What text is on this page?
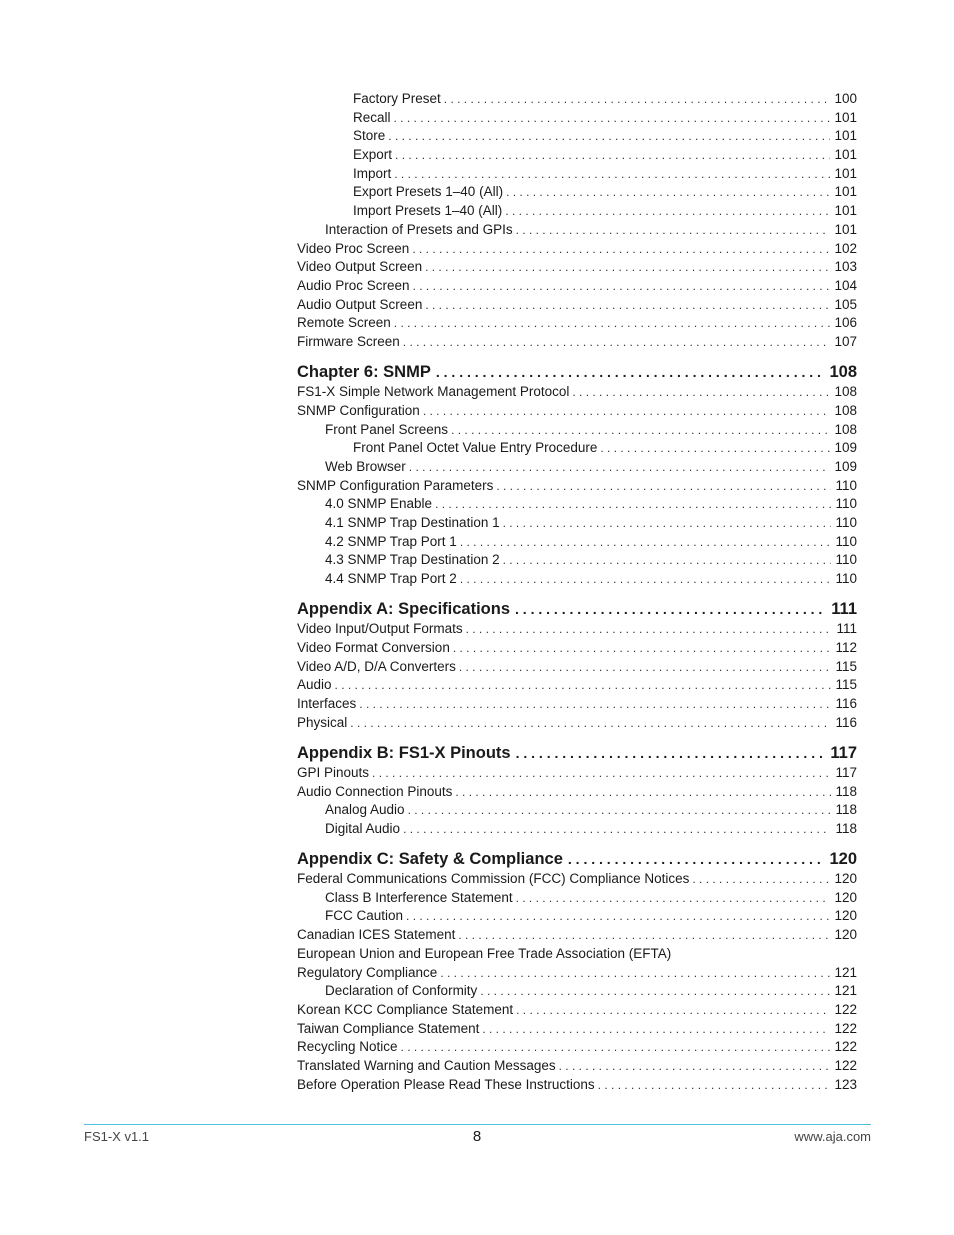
Factory Preset . . .	100
Recall . . .	101
Store . . .	101
Export . . .	101
Import . . .	101
Export Presets 1–40 (All) . . .	101
Import Presets 1–40 (All) . . .	101
Interaction of Presets and GPIs . . .	101
Video Proc Screen . . .	102
Video Output Screen . . .	103
Audio Proc Screen . . .	104
Audio Output Screen . . .	105
Remote Screen . . .	106
Firmware Screen . . .	107
Chapter 6: SNMP . . .	108
FS1-X Simple Network Management Protocol . . .	108
SNMP Configuration . . .	108
Front Panel Screens . . .	108
Front Panel Octet Value Entry Procedure . . .	109
Web Browser . . .	109
SNMP Configuration Parameters . . .	110
4.0 SNMP Enable . . .	110
4.1 SNMP Trap Destination 1 . . .	110
4.2 SNMP Trap Port 1 . . .	110
4.3 SNMP Trap Destination 2 . . .	110
4.4 SNMP Trap Port 2 . . .	110
Appendix A: Specifications . . .	111
Video Input/Output Formats . . .	111
Video Format Conversion . . .	112
Video A/D, D/A Converters . . .	115
Audio . . .	115
Interfaces . . .	116
Physical . . .	116
Appendix B: FS1-X Pinouts . . .	117
GPI Pinouts . . .	117
Audio Connection Pinouts . . .	118
Analog Audio . . .	118
Digital Audio . . .	118
Appendix C: Safety & Compliance . . .	120
Federal Communications Commission (FCC) Compliance Notices . . .	120
Class B Interference Statement . . .	120
FCC Caution . . .	120
Canadian ICES Statement . . .	120
European Union and European Free Trade Association (EFTA)
Regulatory Compliance . . .	121
Declaration of Conformity . . .	121
Korean KCC Compliance Statement . . .	122
Taiwan Compliance Statement . . .	122
Recycling Notice . . .	122
Translated Warning and Caution Messages . . .	122
Before Operation Please Read These Instructions . . .	123
FS1-X v1.1	8	www.aja.com
